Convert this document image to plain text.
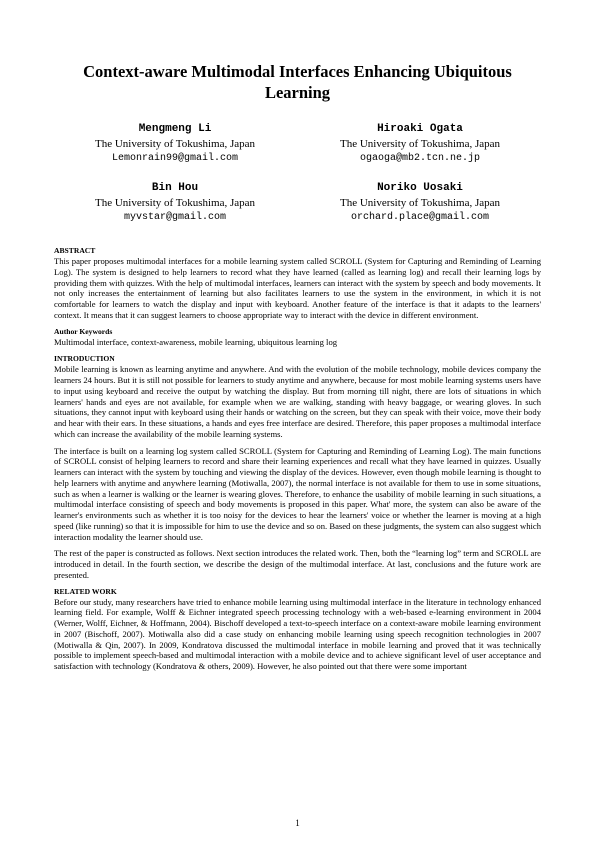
Context-aware Multimodal Interfaces Enhancing Ubiquitous Learning
Mengmeng Li
The University of Tokushima, Japan
Lemonrain99@gmail.com
Hiroaki Ogata
The University of Tokushima, Japan
ogaoga@mb2.tcn.ne.jp
Bin Hou
The University of Tokushima, Japan
myvstar@gmail.com
Noriko Uosaki
The University of Tokushima, Japan
orchard.place@gmail.com
ABSTRACT

This paper proposes multimodal interfaces for a mobile learning system called SCROLL (System for Capturing and Reminding of Learning Log). The system is designed to help learners to record what they have learned (called as learning log) and recall their learning logs by providing them with quizzes. With the help of multimodal interfaces, learners can interact with the system by speech and body movements. It not only increases the entertainment of learning but also facilitates learners to use the system in the environment, in which it is not comfortable for learners to watch the display and input with keyboard. Another feature of the interface is that it adapts to the learners' context. It means that it can suggest learners to choose appropriate way to interact with the device in different environment.

Author Keywords

Multimodal interface, context-awareness, mobile learning, ubiquitous learning log

INTRODUCTION

Mobile learning is known as learning anytime and anywhere. And with the evolution of the mobile technology, mobile devices company the learners 24 hours. But it is still not possible for learners to study anytime and anywhere, because for most mobile learning systems users have to input using keyboard and receive the output by watching the display. But from morning till night, there are lots of situations in which learners' hands and eyes are not available, for example when we are walking, standing with heavy baggage, or wearing gloves. In such situations, they cannot input with keyboard using their hands or watching on the screen, but they can speak with their voice, move their body and hear with their ears. In these situations, a hands and eyes free interface are desired. Therefore, this paper proposes a multimodal interface which can increase the availability of the mobile learning systems.

The interface is built on a learning log system called SCROLL (System for Capturing and Reminding of Learning Log). The main functions of SCROLL consist of helping learners to record and share their learning experiences and recall what they have learned in quizzes. Usually learners can interact with the system by touching and viewing the display of the devices. However, even though mobile learning is thought to help learners with anytime and anywhere learning (Motiwalla, 2007), the normal interface is not available for them to use in some situations, such as when a learner is walking or the learner is wearing gloves. Therefore, to enhance the usability of mobile learning in such situations, a multimodal interface consisting of speech and body movements is proposed in this paper. What' more, the system can also be aware of the learner's environments such as whether it is too noisy for the devices to hear the learners' voice or whether the learner is moving at a high speed (like running) so that it is impossible for him to use the device and so on. Based on these judgments, the system can also suggest which interaction modality the learner should use.

The rest of the paper is constructed as follows. Next section introduces the related work. Then, both the “learning log” term and SCROLL are introduced in detail. In the fourth section, we describe the design of the multimodal interface. At last, conclusions and the future work are presented.

RELATED WORK

Before our study, many researchers have tried to enhance mobile learning using multimodal interface in the literature in technology enhanced learning field. For example, Wolff & Eichner integrated speech processing technology with a web-based e-learning environment in 2004 (Werner, Wolff, Eichner, & Hoffmann, 2004). Bischoff developed a text-to-speech interface on a context-aware mobile learning environment in 2007 (Bischoff, 2007). Motiwalla also did a case study on enhancing mobile learning using speech recognition technologies in 2007 (Motiwalla & Qin, 2007). In 2009, Kondratova discussed the multimodal interface in mobile learning and proved that it was technically possible to implement speech-based and multimodal interaction with a mobile device and to achieve significant level of user acceptance and satisfaction with technology (Kondratova & others, 2009). However, he also pointed out that there were some important

1
